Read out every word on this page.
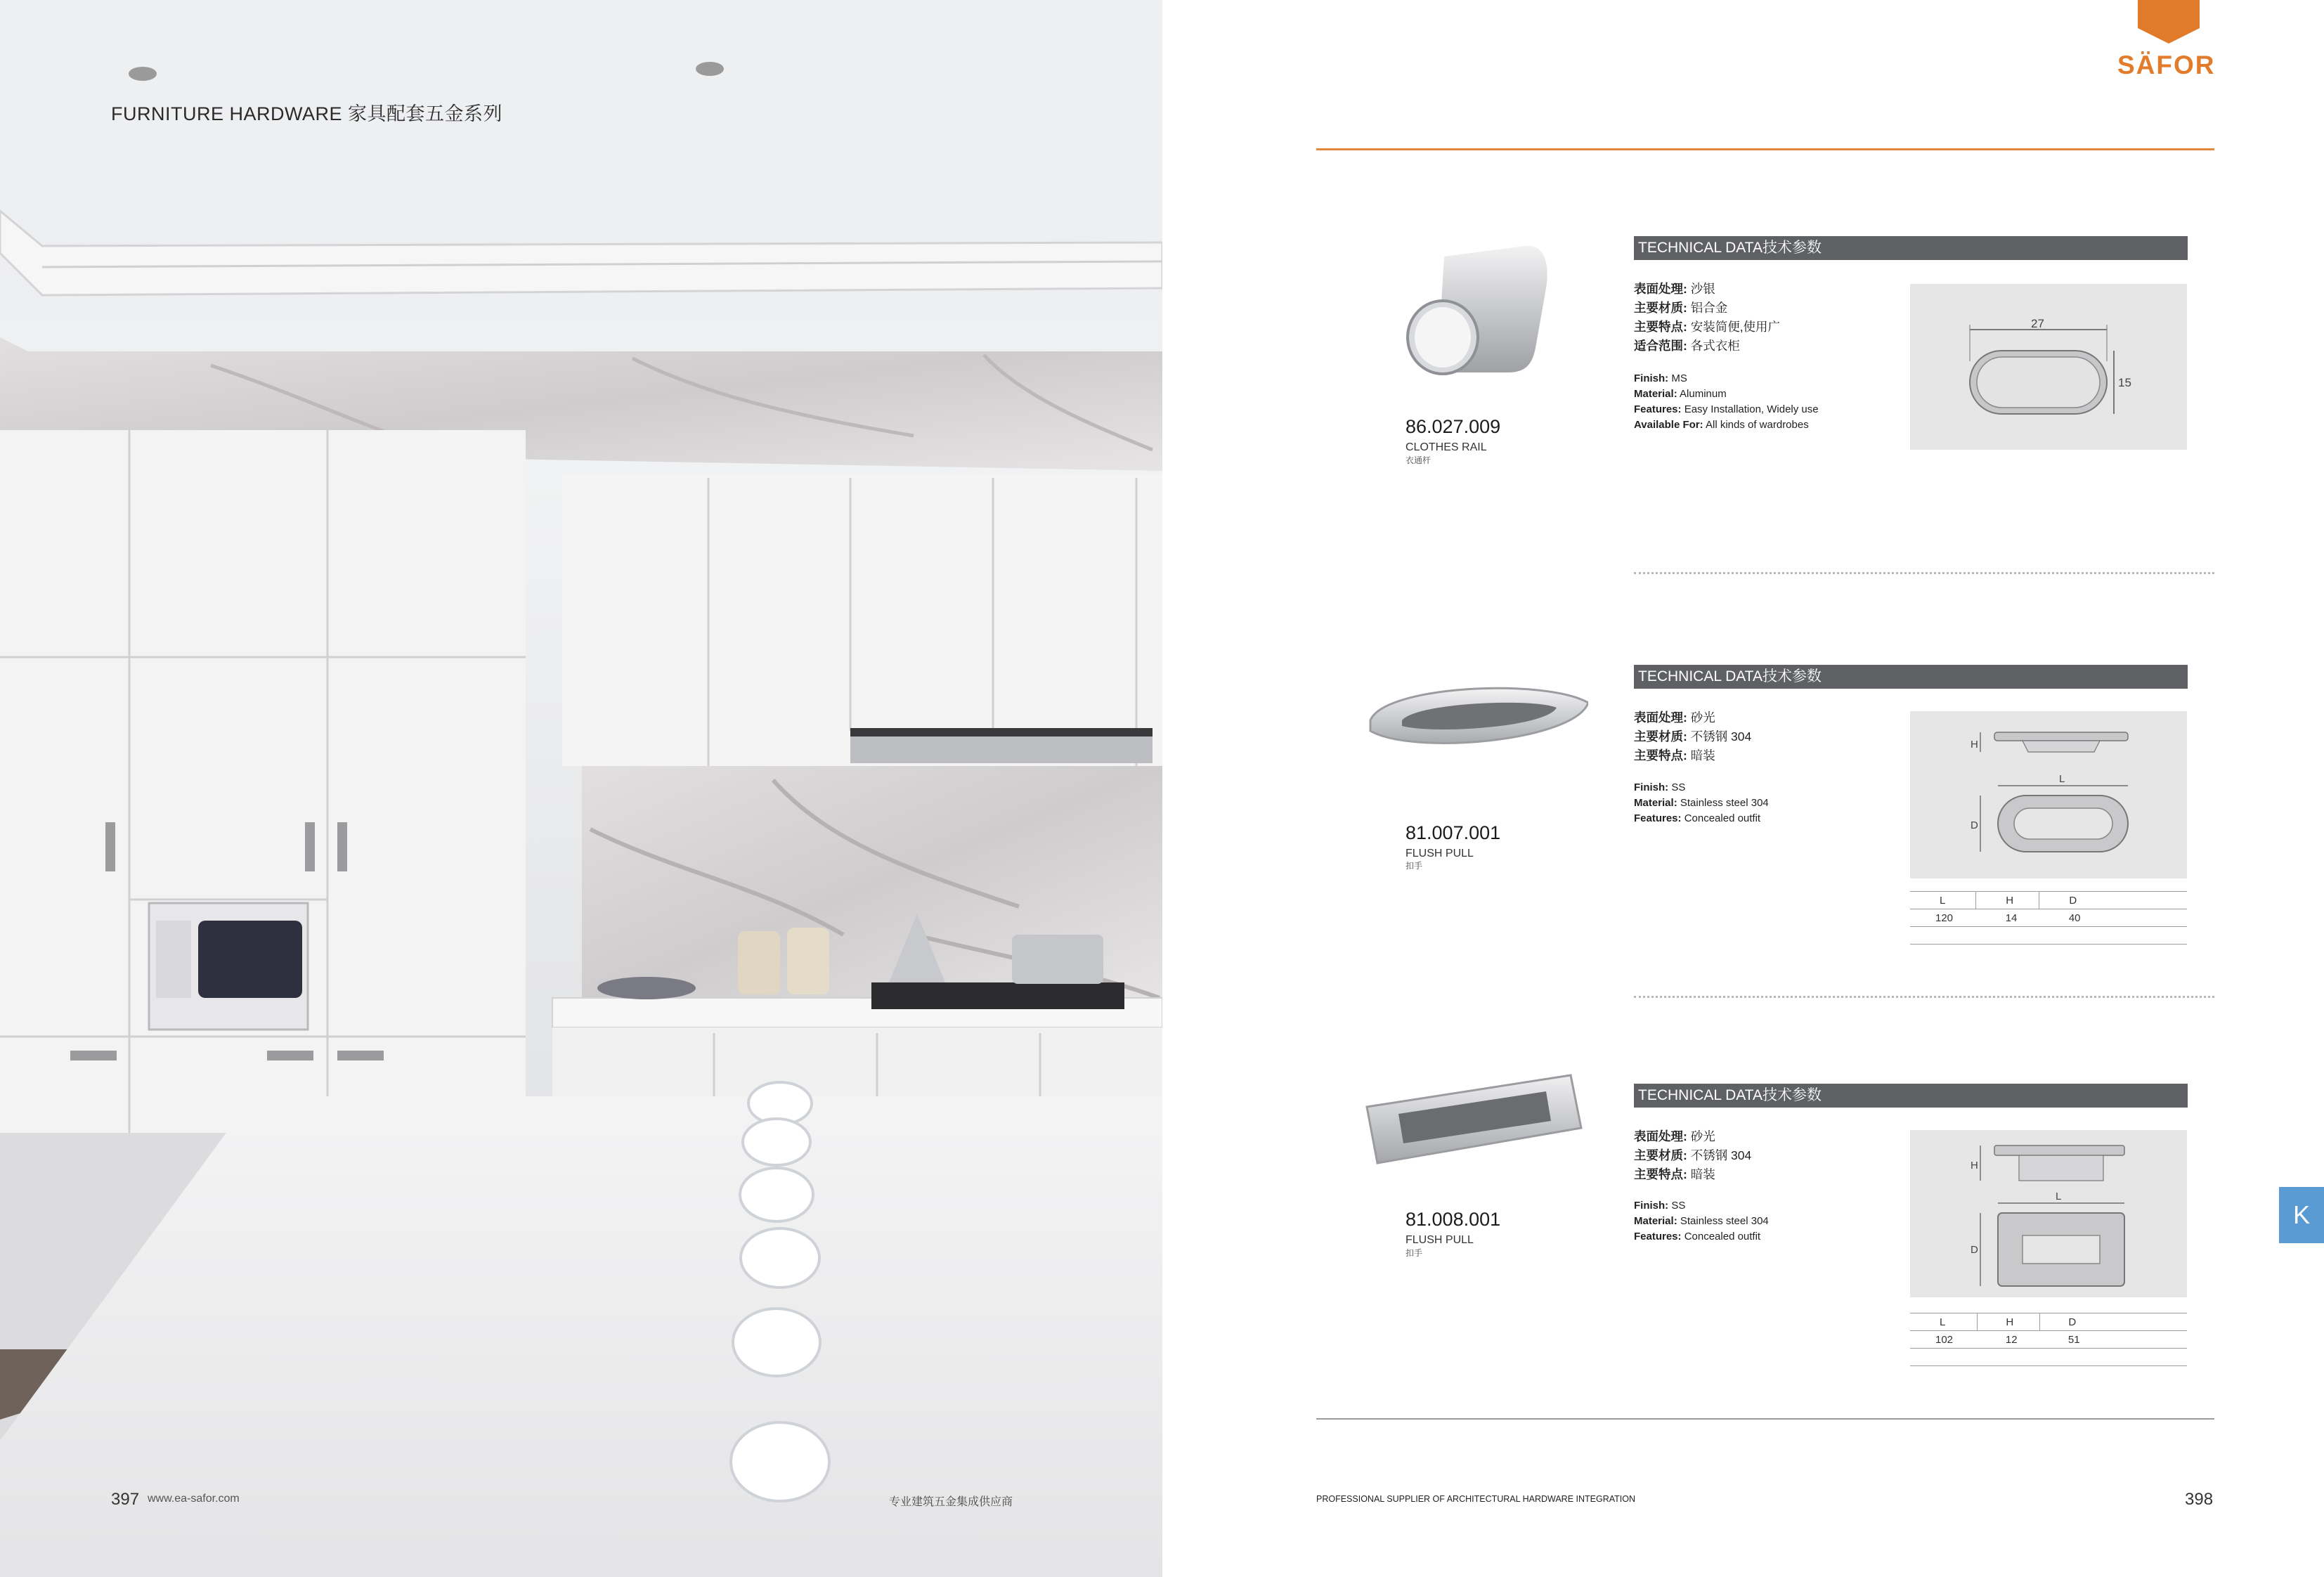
FURNITURE HARDWARE 家具配套五金系列
397 www.ea-safor.com	专业建筑五金集成供应商
SÄFOR
86.027.009
CLOTHES RAIL
衣通杆
TECHNICAL DATA技术参数
表面处理: 沙银
主要材质: 铝合金
主要特点: 安装简便,使用广
适合范围: 各式衣柜
Finish: MS
Material: Aluminum
Features: Easy Installation, Widely use
Available For: All kinds of wardrobes
27
15
81.007.001
FLUSH PULL
扣手
TECHNICAL DATA技术参数
表面处理: 砂光
主要材质: 不锈钢 304
主要特点: 暗装
Finish: SS
Material: Stainless steel 304
Features: Concealed outfit
H
L
D
L	H	D	
120	14	40	

81.008.001
FLUSH PULL
扣手
TECHNICAL DATA技术参数
表面处理: 砂光
主要材质: 不锈钢 304
主要特点: 暗装
Finish: SS
Material: Stainless steel 304
Features: Concealed outfit
H
L
D
L	H	D	
102	12	51	

K
PROFESSIONAL SUPPLIER OF ARCHITECTURAL HARDWARE INTEGRATION	398
